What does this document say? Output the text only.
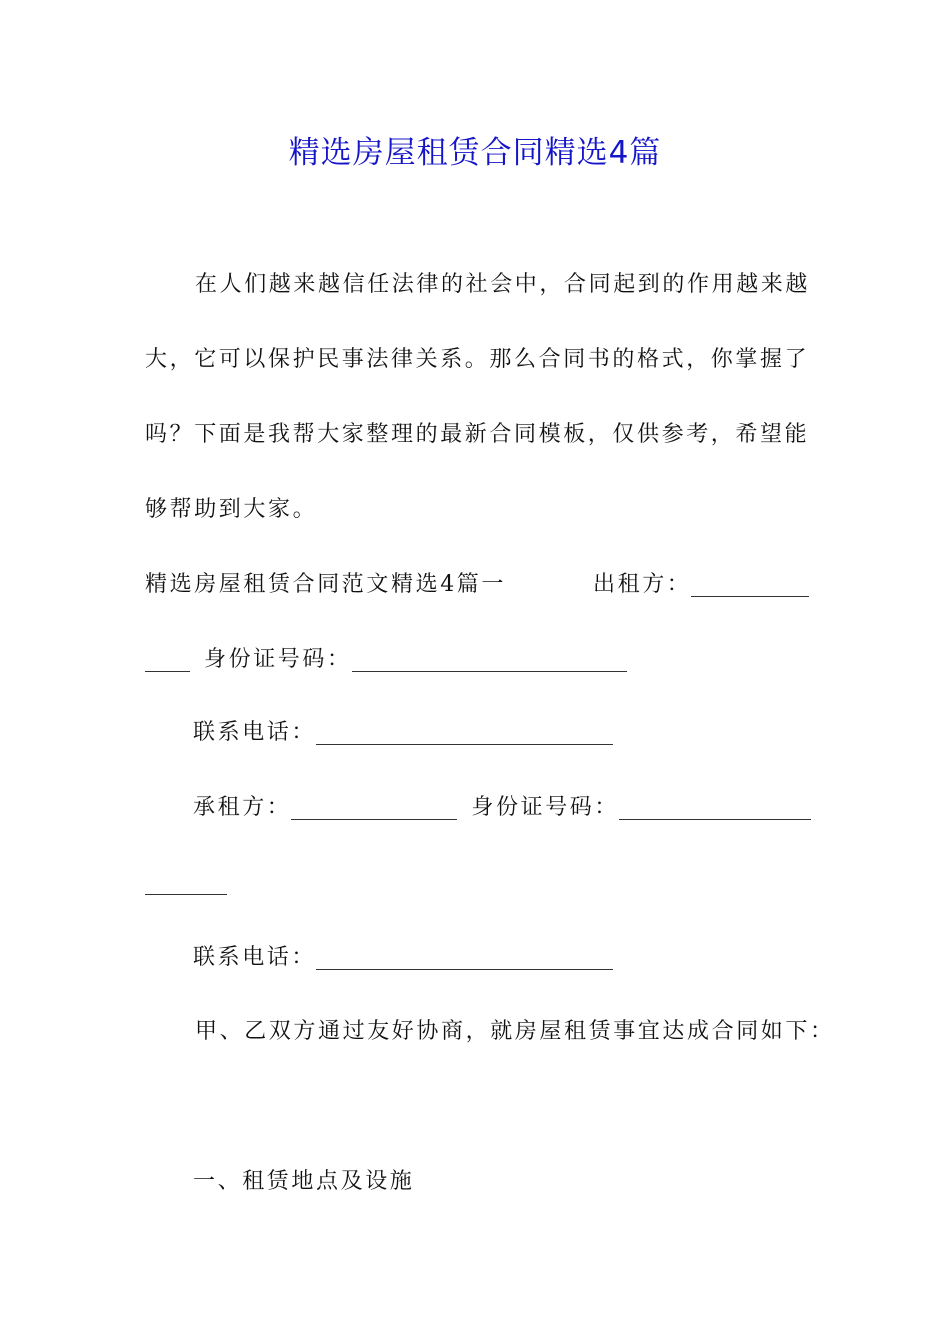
精选房屋租赁合同精选4篇
在人们越来越信任法律的社会中，合同起到的作用越来越
大，它可以保护民事法律关系。那么合同书的格式，你掌握了
吗？下面是我帮大家整理的最新合同模板，仅供参考，希望能
够帮助到大家。
精选房屋租赁合同范文精选4篇一	出租方：
身份证号码：
联系电话：
承租方：	身份证号码：
联系电话：
甲、乙双方通过友好协商，就房屋租赁事宜达成合同如下：
一、租赁地点及设施
